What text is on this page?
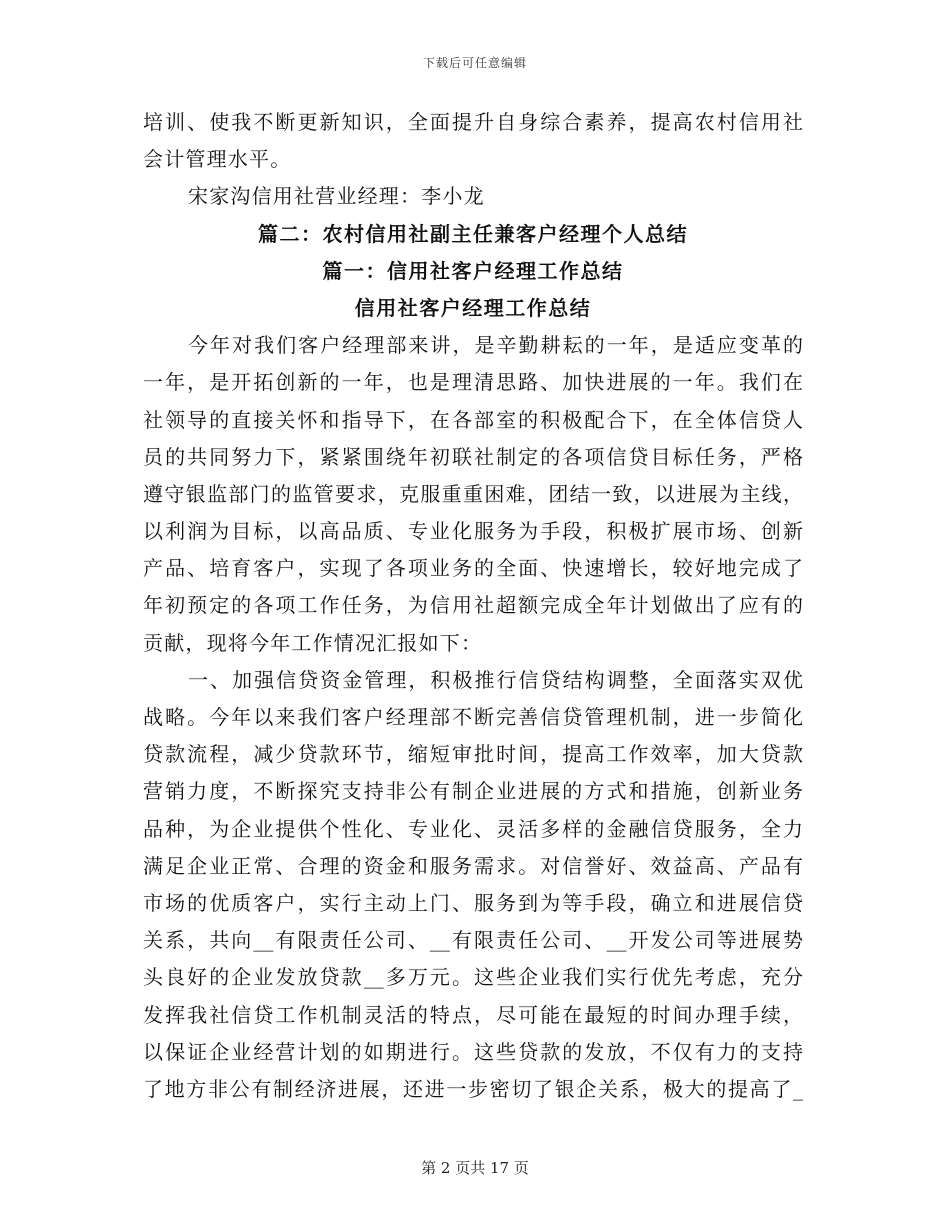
下载后可任意编辑
培训、使我不断更新知识，全面提升自身综合素养，提高农村信用社
会计管理水平。
宋家沟信用社营业经理：李小龙
篇二：农村信用社副主任兼客户经理个人总结
篇一：信用社客户经理工作总结
信用社客户经理工作总结
今年对我们客户经理部来讲，是辛勤耕耘的一年，是适应变革的
一年，是开拓创新的一年，也是理清思路、加快进展的一年。我们在
社领导的直接关怀和指导下，在各部室的积极配合下，在全体信贷人
员的共同努力下，紧紧围绕年初联社制定的各项信贷目标任务，严格
遵守银监部门的监管要求，克服重重困难，团结一致，以进展为主线，
以利润为目标，以高品质、专业化服务为手段，积极扩展市场、创新
产品、培育客户，实现了各项业务的全面、快速增长，较好地完成了
年初预定的各项工作任务，为信用社超额完成全年计划做出了应有的
贡献，现将今年工作情况汇报如下：
一、加强信贷资金管理，积极推行信贷结构调整，全面落实双优
战略。今年以来我们客户经理部不断完善信贷管理机制，进一步简化
贷款流程，减少贷款环节，缩短审批时间，提高工作效率，加大贷款
营销力度，不断探究支持非公有制企业进展的方式和措施，创新业务
品种，为企业提供个性化、专业化、灵活多样的金融信贷服务，全力
满足企业正常、合理的资金和服务需求。对信誉好、效益高、产品有
市场的优质客户，实行主动上门、服务到为等手段，确立和进展信贷
关系，共向__有限责任公司、__有限责任公司、__开发公司等进展势
头良好的企业发放贷款__多万元。这些企业我们实行优先考虑，充分
发挥我社信贷工作机制灵活的特点，尽可能在最短的时间办理手续，
以保证企业经营计划的如期进行。这些贷款的发放，不仅有力的支持
了地方非公有制经济进展，还进一步密切了银企关系，极大的提高了_
第 2 页共 17 页
